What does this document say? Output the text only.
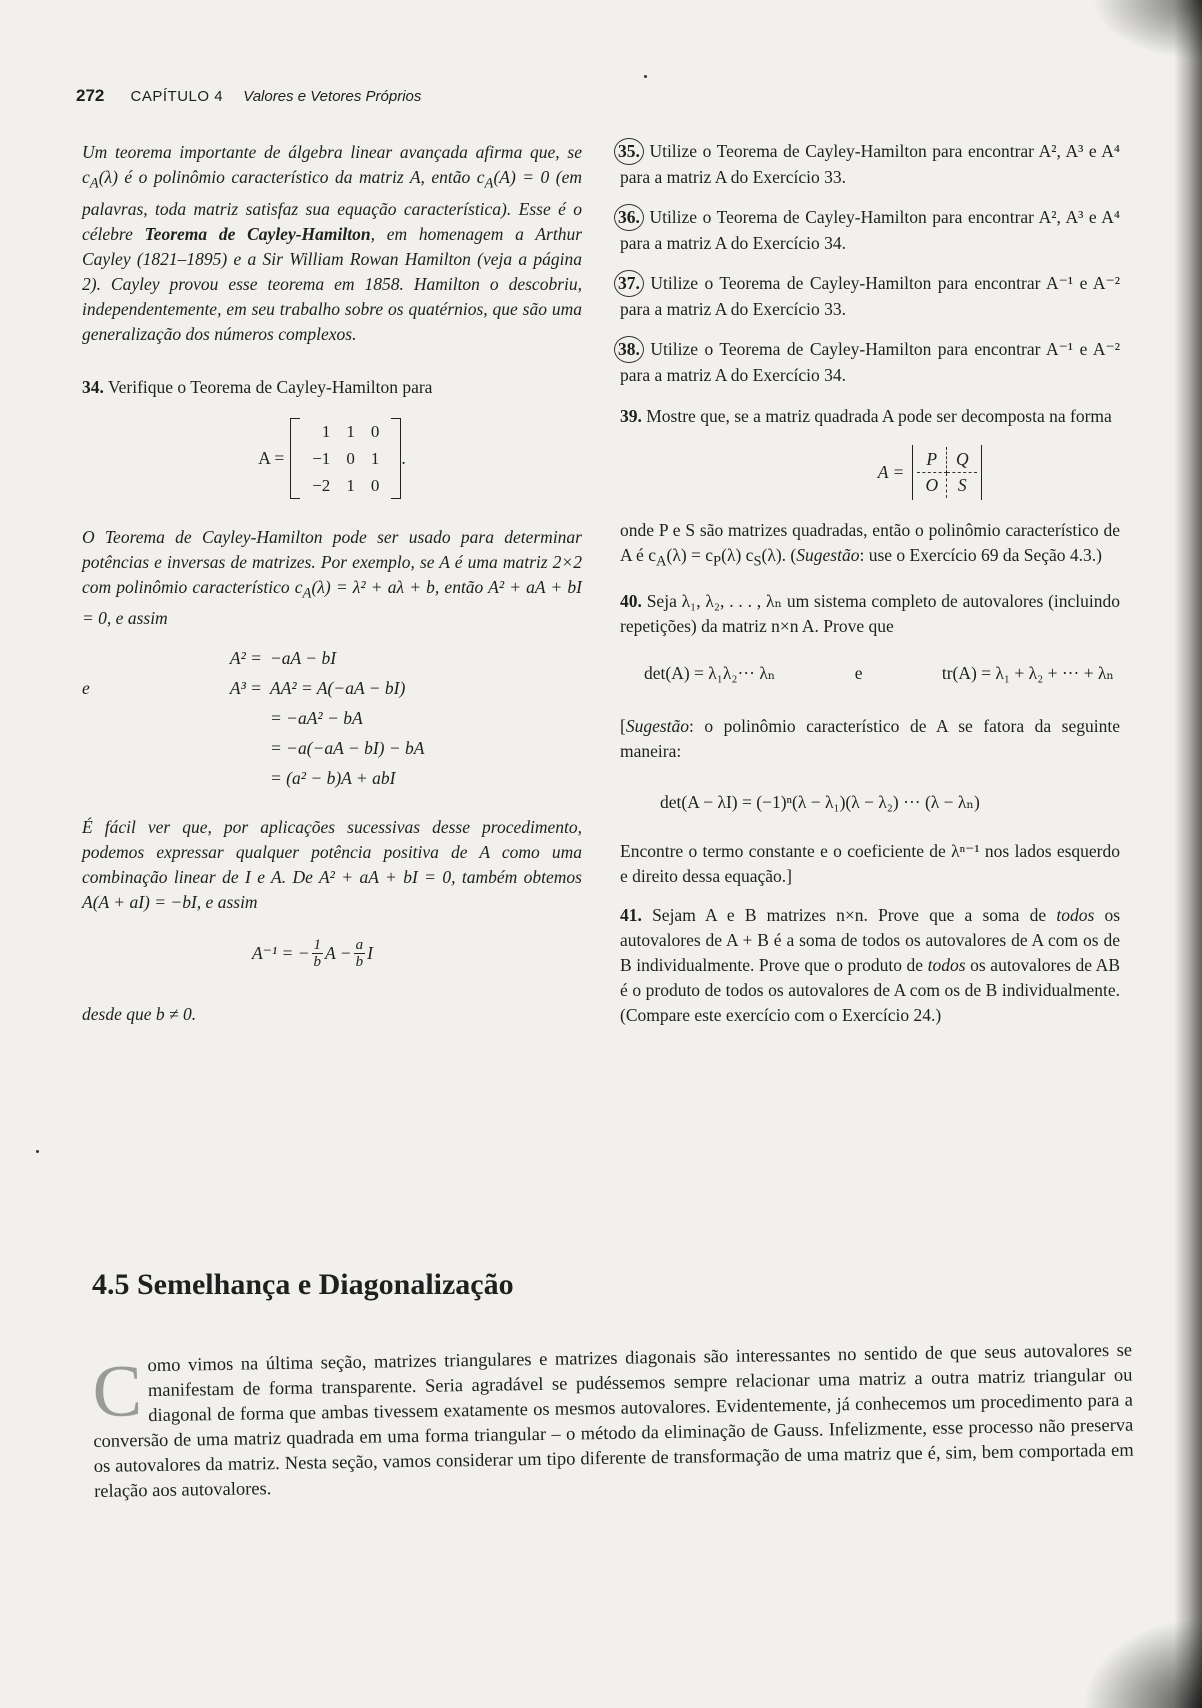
272 CAPÍTULO 4 Valores e Vetores Próprios

Um teorema importante de álgebra linear avançada afirma que, se $c_A(\lambda)$ é o polinômio característico da matriz A, então $c_A(A) = 0$ (em palavras, toda matriz satisfaz sua equação característica). Esse é o célebre Teorema de Cayley-Hamilton, em homenagem a Arthur Cayley (1821–1895) e a Sir William Rowan Hamilton (veja a página 2). Cayley provou esse teorema em 1858. Hamilton o descobriu, independentemente, em seu trabalho sobre os quatérnios, que são uma generalização dos números complexos.

34. Verifique o Teorema de Cayley-Hamilton para

A =
1	1	0
−1	0	1
−2	1	0
.

O Teorema de Cayley-Hamilton pode ser usado para determinar potências e inversas de matrizes. Por exemplo, se A é uma matriz 2×2 com polinômio característico $c_A(\lambda) = \lambda^2 + a\lambda + b$, então A² + aA + bI = 0, e assim

A² = −aA − bI
e	A³ = AA² = A(−aA − bI)
= −aA² − bA
= −a(−aA − bI) − bA
= (a² − b)A + abI

É fácil ver que, por aplicações sucessivas desse procedimento, podemos expressar qualquer potência positiva de A como uma combinação linear de I e A. De A² + aA + bI = 0, também obtemos A(A + aI) = −bI, e assim

A⁻¹ = − $\frac{1}{b}$ $A - \frac{a}{b}$ I

desde que b ≠ 0.

35. Utilize o Teorema de Cayley-Hamilton para encontrar A², A³ e A⁴ para a matriz A do Exercício 33.

36. Utilize o Teorema de Cayley-Hamilton para encontrar A², A³ e A⁴ para a matriz A do Exercício 34.

37. Utilize o Teorema de Cayley-Hamilton para encontrar A⁻¹ e A⁻² para a matriz A do Exercício 33.

38. Utilize o Teorema de Cayley-Hamilton para encontrar A⁻¹ e A⁻² para a matriz A do Exercício 34.

39. Mostre que, se a matriz quadrada A pode ser decomposta na forma

A =
P	Q
O	S

onde P e S são matrizes quadradas, então o polinômio característico de A é $c_A(\lambda) = c_P(\lambda)$ $c_S(\lambda)$. (Sugestão: use o Exercício 69 da Seção 4.3.)

40. Seja λ₁, λ₂, . . . , λₙ um sistema completo de autovalores (incluindo repetições) da matriz n×n A. Prove que

det(A) = λ₁λ₂··· λₙ	e	tr(A) = λ₁ + λ₂ + ··· + λₙ

[Sugestão: o polinômio característico de A se fatora da seguinte maneira:

det(A − λI) = (−1)ⁿ(λ − λ₁)(λ − λ₂) ··· (λ − λₙ)

Encontre o termo constante e o coeficiente de λⁿ⁻¹ nos lados esquerdo e direito dessa equação.]

41. Sejam A e B matrizes n×n. Prove que a soma de todos os autovalores de A + B é a soma de todos os autovalores de A com os de B individualmente. Prove que o produto de todos os autovalores de AB é o produto de todos os autovalores de A com os de B individualmente. (Compare este exercício com o Exercício 24.)

4.5 Semelhança e Diagonalização
Como vimos na última seção, matrizes triangulares e matrizes diagonais são interessantes no sentido de que seus autovalores se manifestam de forma transparente. Seria agradável se pudéssemos sempre relacionar uma matriz a outra matriz triangular ou diagonal de forma que ambas tivessem exatamente os mesmos autovalores. Evidentemente, já conhecemos um procedimento para a conversão de uma matriz quadrada em uma forma triangular – o método da eliminação de Gauss. Infelizmente, esse processo não preserva os autovalores da matriz. Nesta seção, vamos considerar um tipo diferente de transformação de uma matriz que é, sim, bem comportada em relação aos autovalores.
